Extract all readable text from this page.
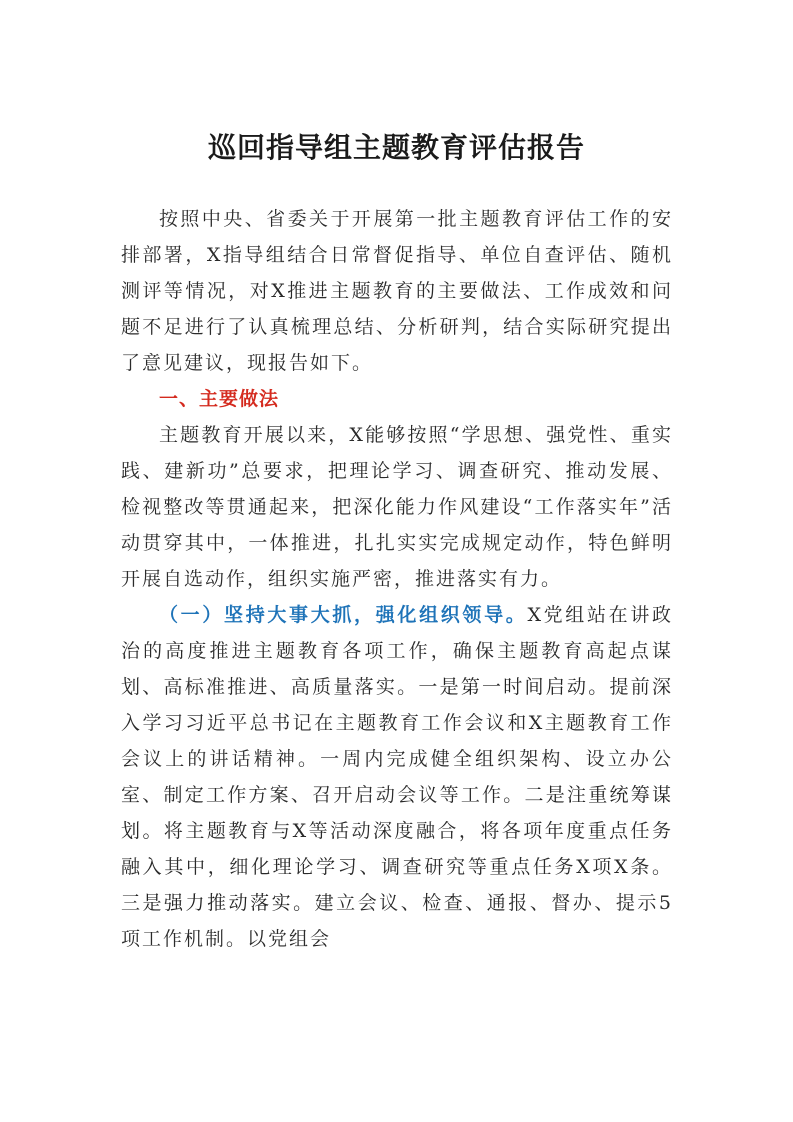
巡回指导组主题教育评估报告

按照中央、省委关于开展第一批主题教育评估工作的安排部署，X指导组结合日常督促指导、单位自查评估、随机测评等情况，对X推进主题教育的主要做法、工作成效和问题不足进行了认真梳理总结、分析研判，结合实际研究提出了意见建议，现报告如下。

一、主要做法

主题教育开展以来，X能够按照“学思想、强党性、重实践、建新功”总要求，把理论学习、调查研究、推动发展、检视整改等贯通起来，把深化能力作风建设“工作落实年”活动贯穿其中，一体推进，扎扎实实完成规定动作，特色鲜明开展自选动作，组织实施严密，推进落实有力。

（一）坚持大事大抓，强化组织领导。X党组站在讲政治的高度推进主题教育各项工作，确保主题教育高起点谋划、高标准推进、高质量落实。一是第一时间启动。提前深入学习习近平总书记在主题教育工作会议和X主题教育工作会议上的讲话精神。一周内完成健全组织架构、设立办公室、制定工作方案、召开启动会议等工作。二是注重统筹谋划。将主题教育与X等活动深度融合，将各项年度重点任务融入其中，细化理论学习、调查研究等重点任务X项X条。三是强力推动落实。建立会议、检查、通报、督办、提示5项工作机制。以党组会
